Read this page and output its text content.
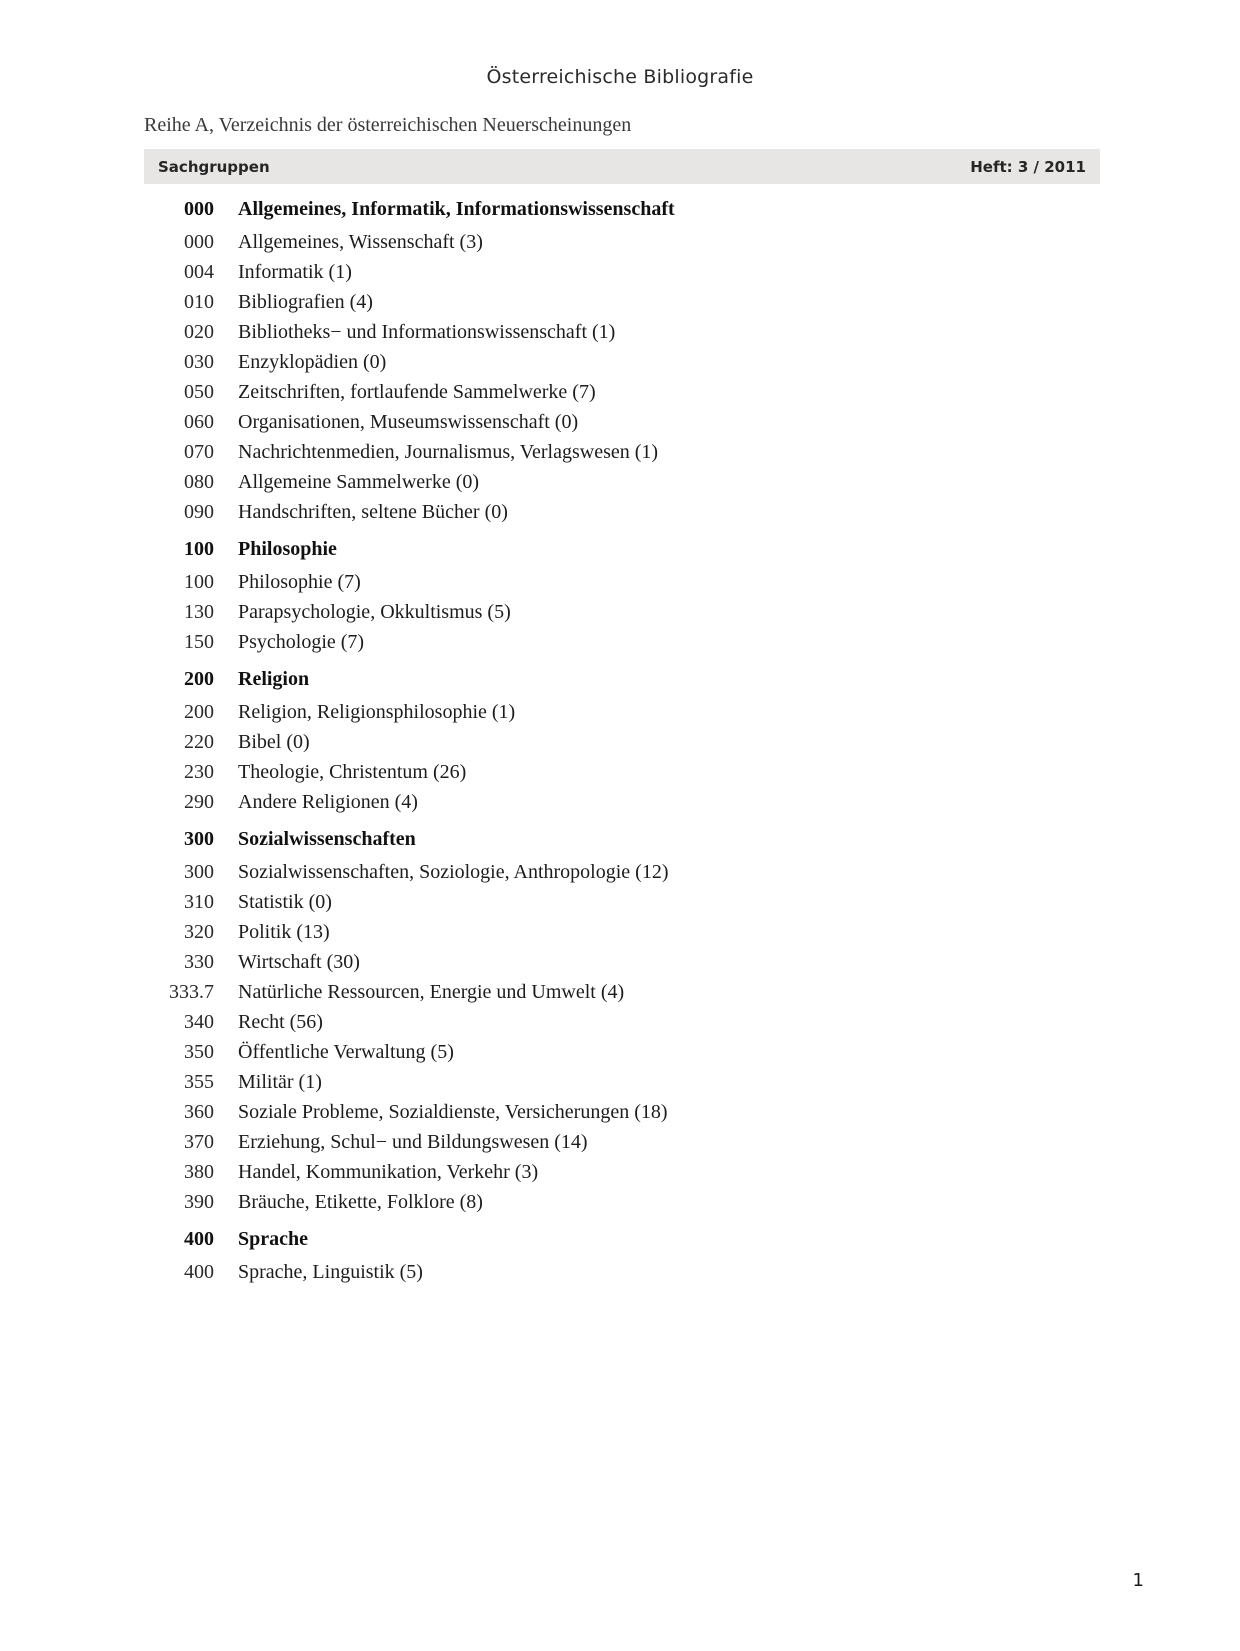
Österreichische Bibliografie
Reihe A, Verzeichnis der österreichischen Neuerscheinungen
Sachgruppen	Heft: 3 / 2011
000 Allgemeines, Informatik, Informationswissenschaft
000 Allgemeines, Wissenschaft (3)
004 Informatik (1)
010 Bibliografien (4)
020 Bibliotheks− und Informationswissenschaft (1)
030 Enzyklopädien (0)
050 Zeitschriften, fortlaufende Sammelwerke (7)
060 Organisationen, Museumswissenschaft (0)
070 Nachrichtenmedien, Journalismus, Verlagswesen (1)
080 Allgemeine Sammelwerke (0)
090 Handschriften, seltene Bücher (0)
100 Philosophie
100 Philosophie (7)
130 Parapsychologie, Okkultismus (5)
150 Psychologie (7)
200 Religion
200 Religion, Religionsphilosophie (1)
220 Bibel (0)
230 Theologie, Christentum (26)
290 Andere Religionen (4)
300 Sozialwissenschaften
300 Sozialwissenschaften, Soziologie, Anthropologie (12)
310 Statistik (0)
320 Politik (13)
330 Wirtschaft (30)
333.7 Natürliche Ressourcen, Energie und Umwelt (4)
340 Recht (56)
350 Öffentliche Verwaltung (5)
355 Militär (1)
360 Soziale Probleme, Sozialdienste, Versicherungen (18)
370 Erziehung, Schul− und Bildungswesen (14)
380 Handel, Kommunikation, Verkehr (3)
390 Bräuche, Etikette, Folklore (8)
400 Sprache
400 Sprache, Linguistik (5)
1
